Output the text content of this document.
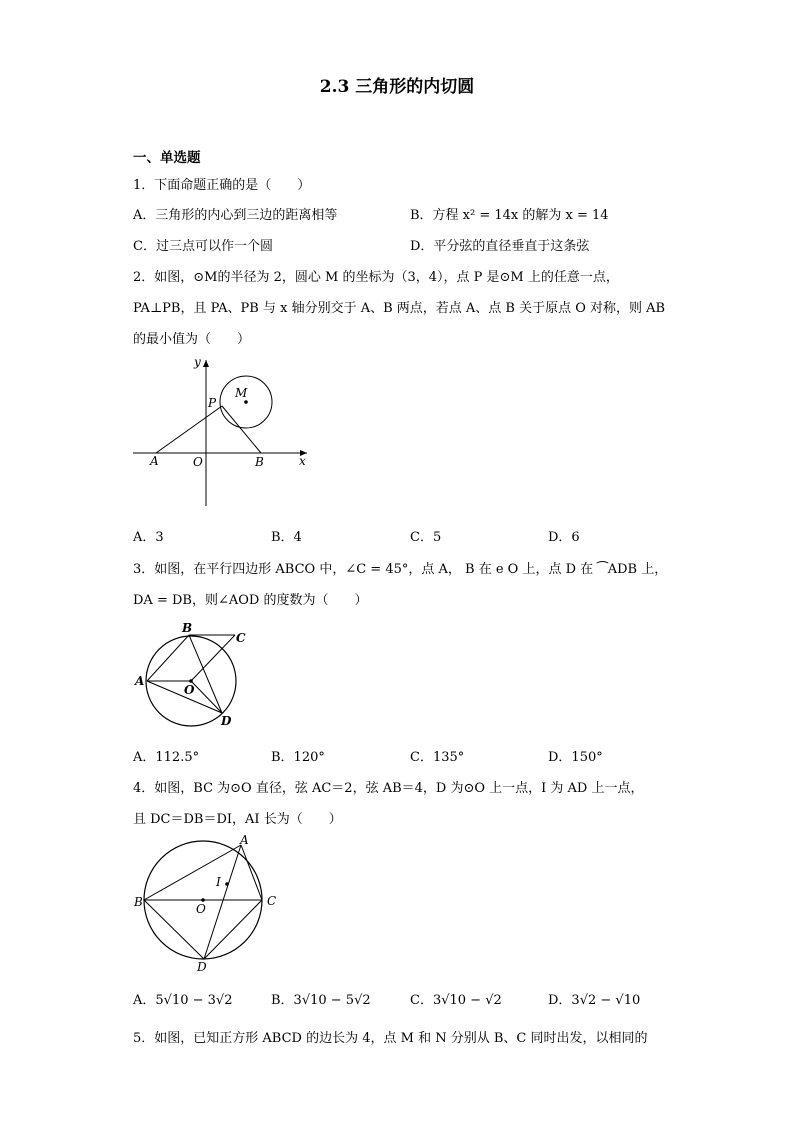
2.3 三角形的内切圆
一、单选题
1．下面命题正确的是（　　）
A．三角形的内心到三边的距离相等	B．方程 x² = 14x 的解为 x = 14
C．过三点可以作一个圆	D．平分弦的直径垂直于这条弦
2．如图，⊙M的半径为 2，圆心 M 的坐标为（3，4），点 P 是⊙M 上的任意一点，
PA⊥PB，且 PA、PB 与 x 轴分别交于 A、B 两点，若点 A、点 B 关于原点 O 对称，则 AB
的最小值为（　　）
y
x
M
P
A	O	B
A．3	B．4	C．5	D．6
3．如图，在平行四边形 ABCO 中，∠C = 45°，点 A， B 在 e O 上，点 D 在 ⁀ADB 上，
DA = DB，则∠AOD 的度数为（　　）
B
C
A
O
D
A．112.5°	B．120°	C．135°	D．150°
4．如图，BC 为⊙O 直径，弦 AC＝2，弦 AB＝4，D 为⊙O 上一点，I 为 AD 上一点，
且 DC＝DB＝DI，AI 长为（　　）
A
I
B	O
C
D
A．5√10 − 3√2	B．3√10 − 5√2	C．3√10 − √2	D．3√2 − √10
5．如图，已知正方形 ABCD 的边长为 4，点 M 和 N 分别从 B、C 同时出发，以相同的
